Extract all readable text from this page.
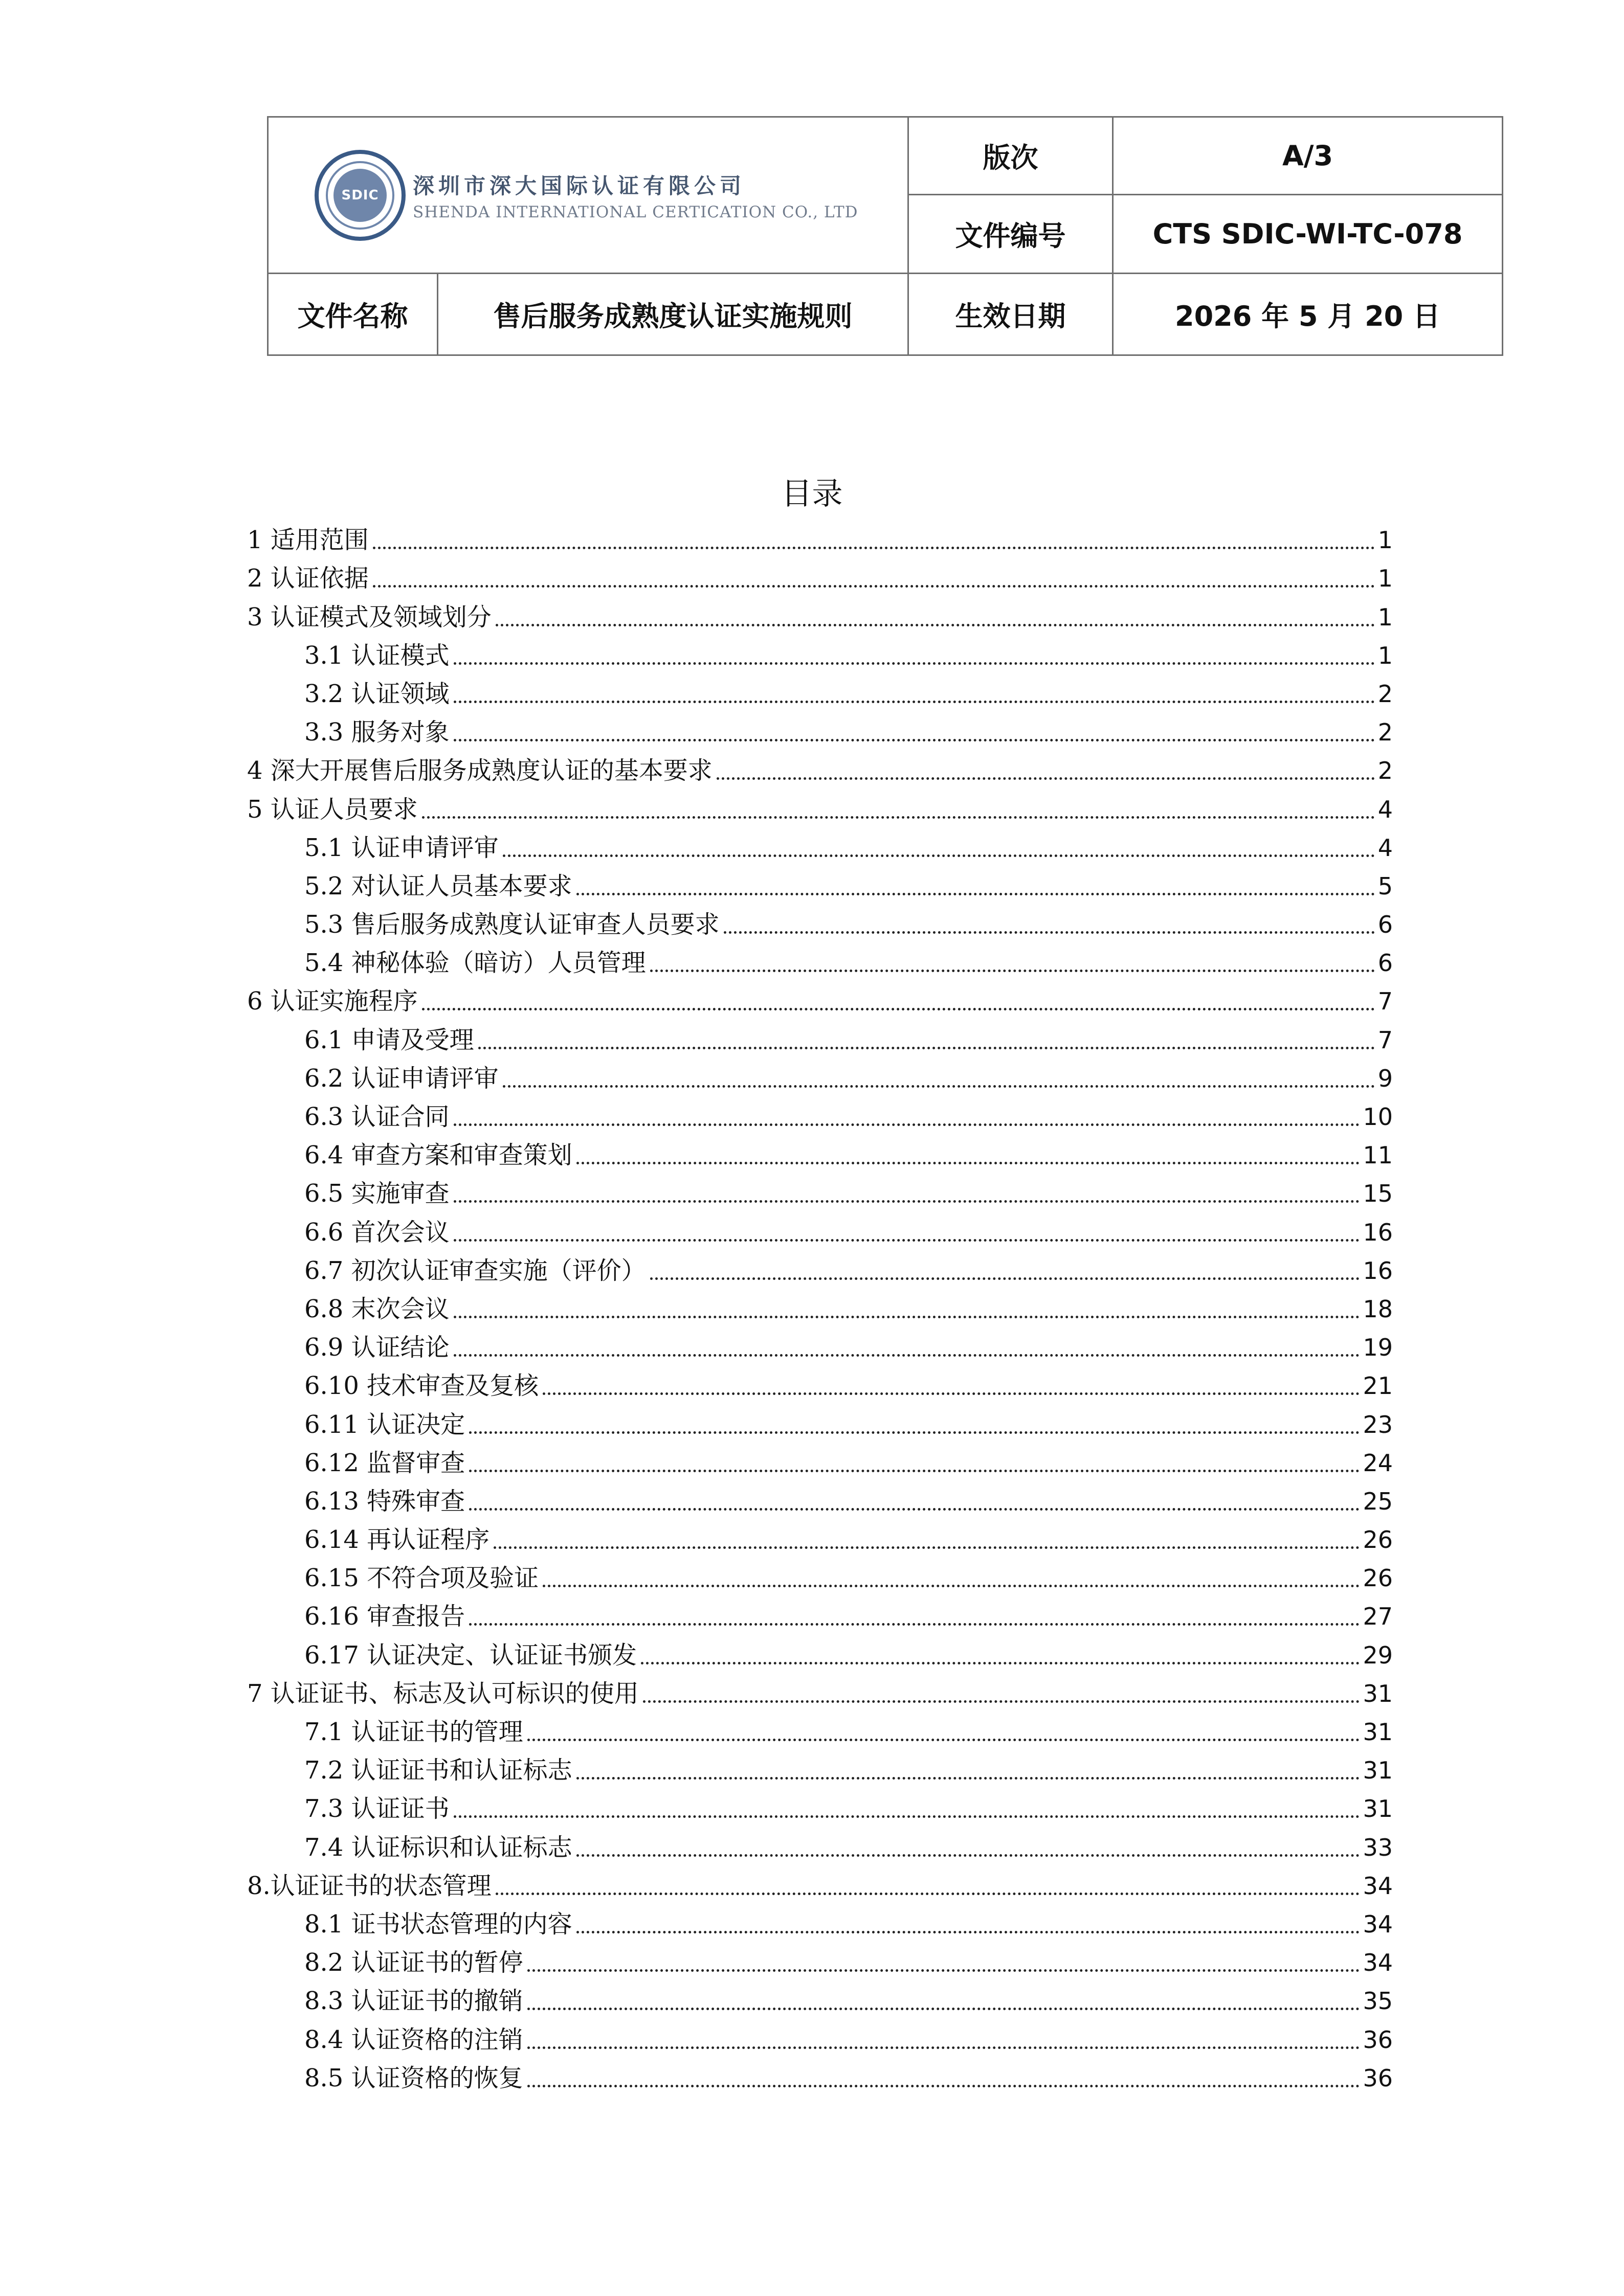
SDIC 深圳市深大国际认证有限公司
SHENDA INTERNATIONAL CERTICATION CO., LTD		版次	A/3
		文件编号	CTS SDIC-WI-TC-078
文件名称	售后服务成熟度认证实施规则	生效日期	2026 年 5 月 20 日
目录
1 适用范围	1
2 认证依据	1
3 认证模式及领域划分	1
3.1 认证模式	1
3.2 认证领域	2
3.3 服务对象	2
4 深大开展售后服务成熟度认证的基本要求	2
5 认证人员要求	4
5.1 认证申请评审	4
5.2 对认证人员基本要求	5
5.3 售后服务成熟度认证审查人员要求	6
5.4 神秘体验（暗访）人员管理	6
6 认证实施程序	7
6.1 申请及受理	7
6.2 认证申请评审	9
6.3 认证合同	10
6.4 审查方案和审查策划	11
6.5 实施审查	15
6.6 首次会议	16
6.7 初次认证审查实施（评价）	16
6.8 末次会议	18
6.9 认证结论	19
6.10 技术审查及复核	21
6.11 认证决定	23
6.12 监督审查	24
6.13 特殊审查	25
6.14 再认证程序	26
6.15 不符合项及验证	26
6.16 审查报告	27
6.17 认证决定、认证证书颁发	29
7 认证证书、标志及认可标识的使用	31
7.1 认证证书的管理	31
7.2 认证证书和认证标志	31
7.3 认证证书	31
7.4 认证标识和认证标志	33
8.认证证书的状态管理	34
8.1 证书状态管理的内容	34
8.2 认证证书的暂停	34
8.3 认证证书的撤销	35
8.4 认证资格的注销	36
8.5 认证资格的恢复	36
